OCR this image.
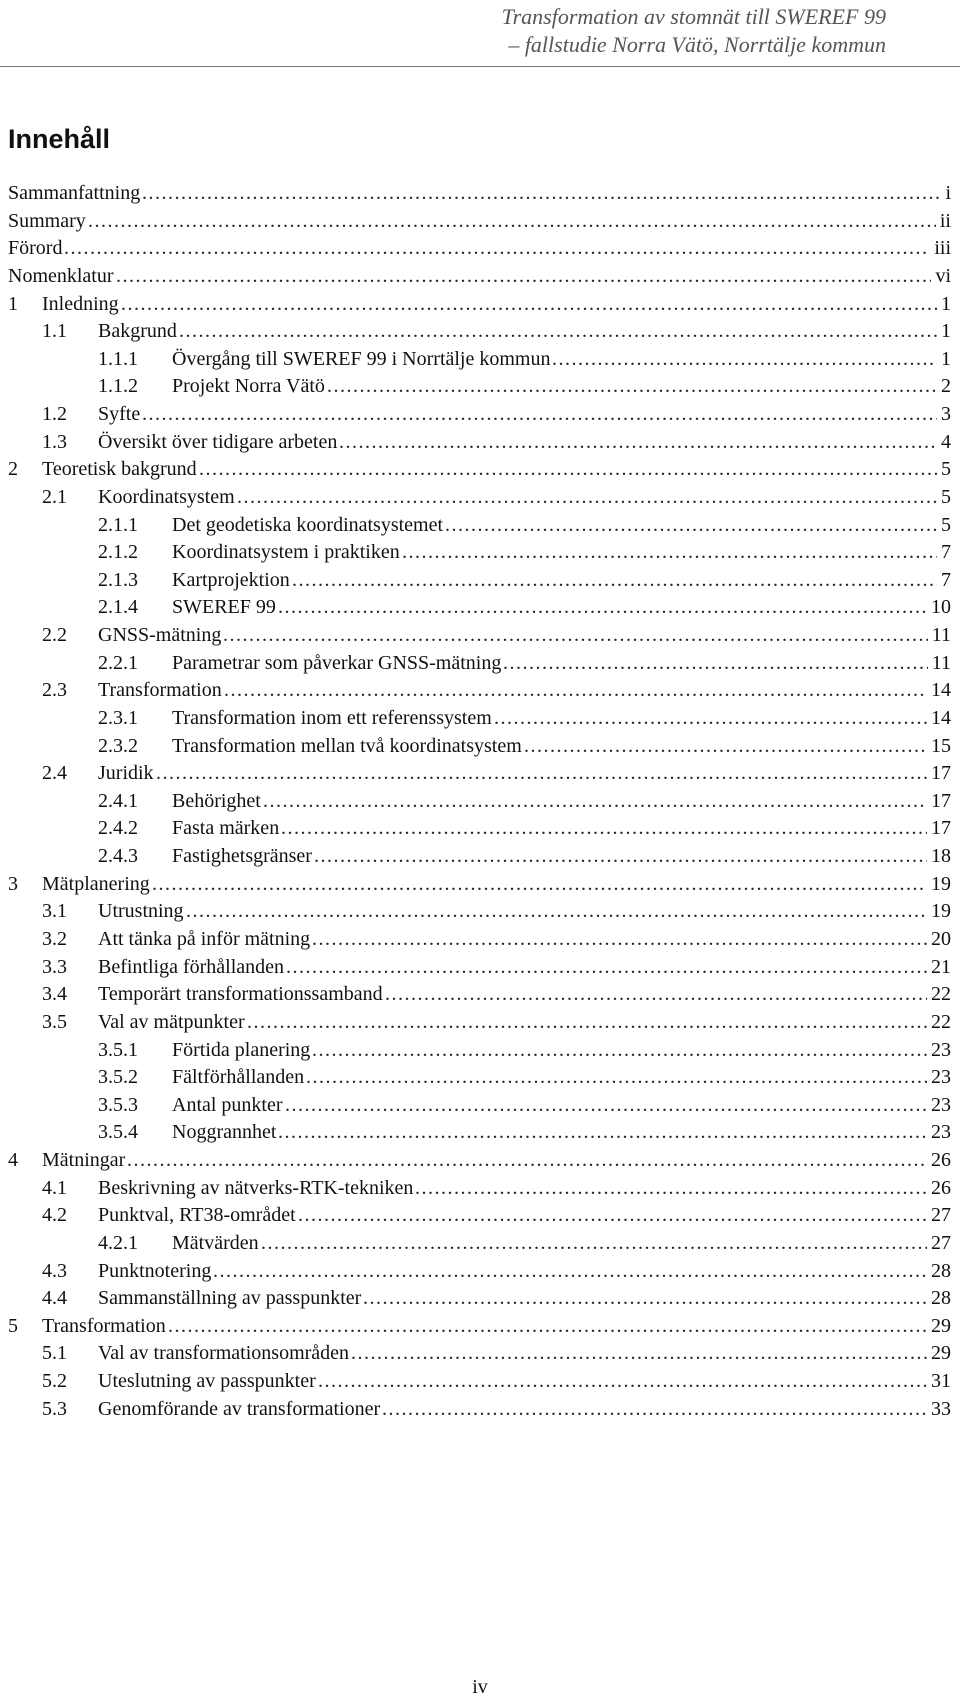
Transformation av stomnät till SWEREF 99
– fallstudie Norra Vätö, Norrtälje kommun
Innehåll
Sammanfattning .....	i
Summary .....	ii
Förord .....	iii
Nomenklatur .....	vi
1 Inledning .....	1
1.1 Bakgrund .....	1
1.1.1 Övergång till SWEREF 99 i Norrtälje kommun .....	1
1.1.2 Projekt Norra Vätö .....	2
1.2 Syfte .....	3
1.3 Översikt över tidigare arbeten .....	4
2 Teoretisk bakgrund .....	5
2.1 Koordinatsystem .....	5
2.1.1 Det geodetiska koordinatsystemet .....	5
2.1.2 Koordinatsystem i praktiken .....	7
2.1.3 Kartprojektion .....	7
2.1.4 SWEREF 99 .....	10
2.2 GNSS-mätning .....	11
2.2.1 Parametrar som påverkar GNSS-mätning .....	11
2.3 Transformation .....	14
2.3.1 Transformation inom ett referenssystem .....	14
2.3.2 Transformation mellan två koordinatsystem .....	15
2.4 Juridik .....	17
2.4.1 Behörighet .....	17
2.4.2 Fasta märken .....	17
2.4.3 Fastighetsgränser .....	18
3 Mätplanering .....	19
3.1 Utrustning .....	19
3.2 Att tänka på inför mätning .....	20
3.3 Befintliga förhållanden .....	21
3.4 Temporärt transformationssamband .....	22
3.5 Val av mätpunkter .....	22
3.5.1 Förtida planering .....	23
3.5.2 Fältförhållanden .....	23
3.5.3 Antal punkter .....	23
3.5.4 Noggrannhet .....	23
4 Mätningar .....	26
4.1 Beskrivning av nätverks-RTK-tekniken .....	26
4.2 Punktval, RT38-området .....	27
4.2.1 Mätvärden .....	27
4.3 Punktnotering .....	28
4.4 Sammanställning av passpunkter .....	28
5 Transformation .....	29
5.1 Val av transformationsområden .....	29
5.2 Uteslutning av passpunkter .....	31
5.3 Genomförande av transformationer .....	33
iv
